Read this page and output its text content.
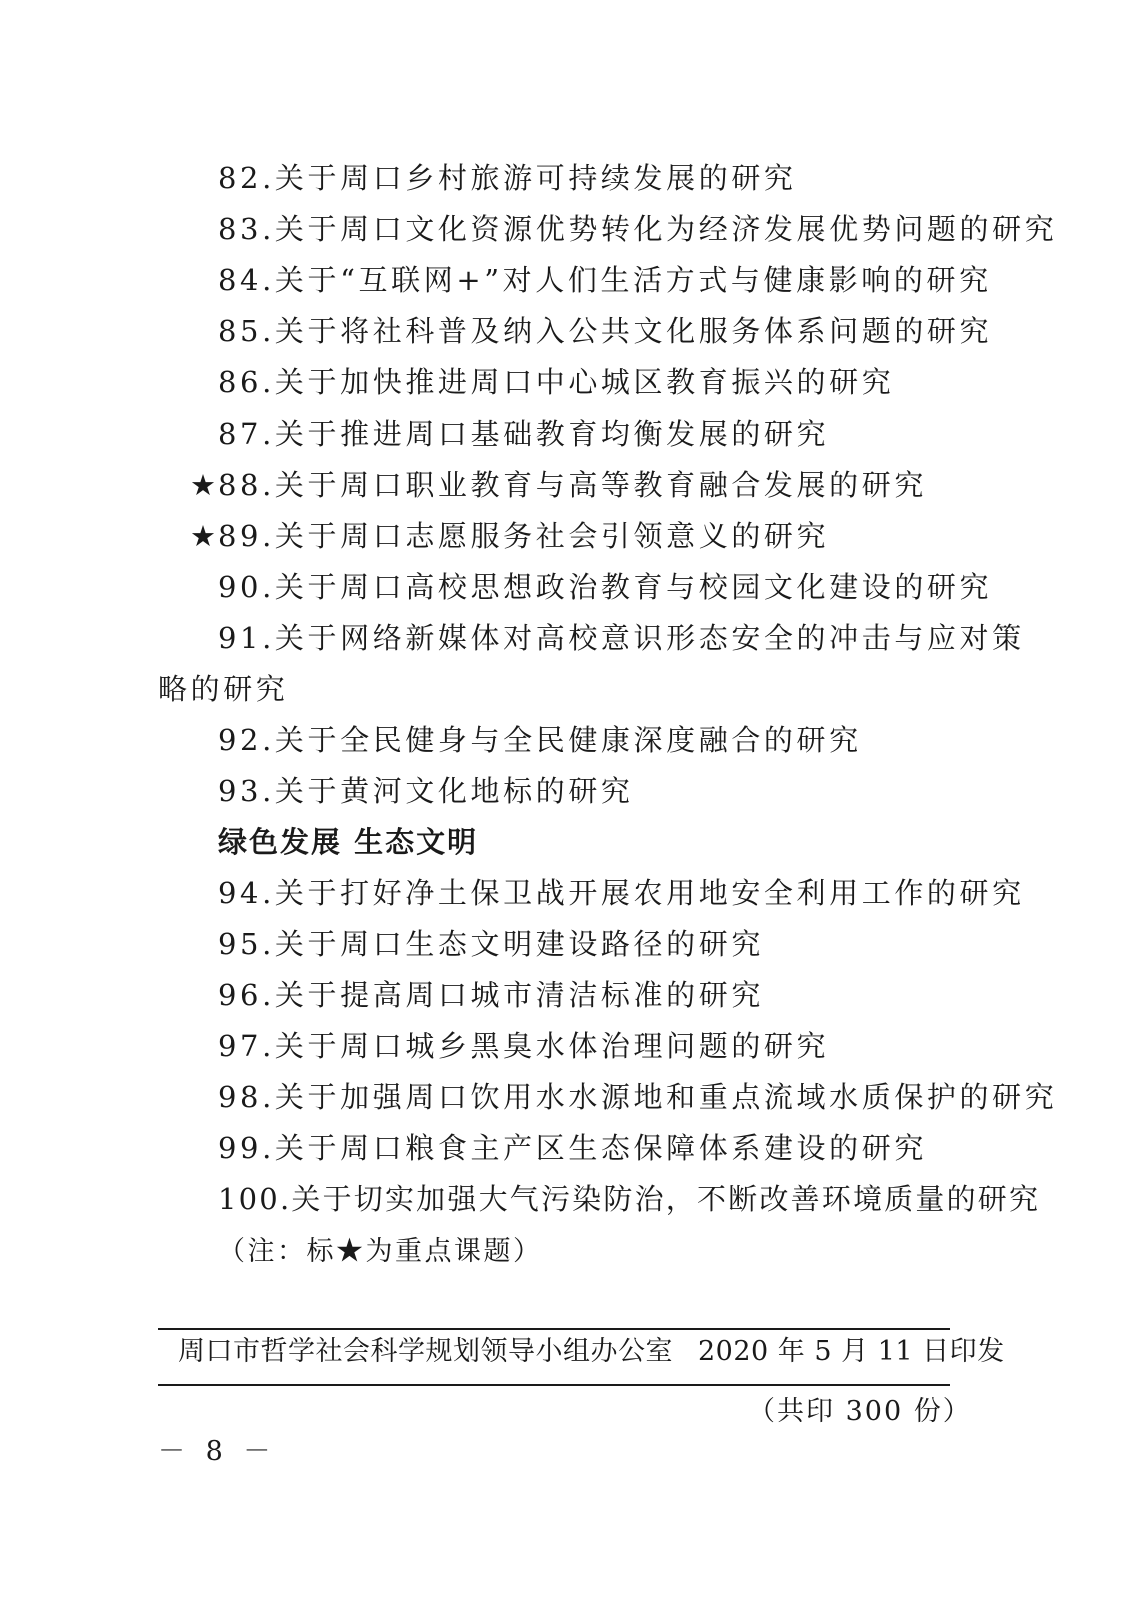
82.关于周口乡村旅游可持续发展的研究
83.关于周口文化资源优势转化为经济发展优势问题的研究
84.关于“互联网+”对人们生活方式与健康影响的研究
85.关于将社科普及纳入公共文化服务体系问题的研究
86.关于加快推进周口中心城区教育振兴的研究
87.关于推进周口基础教育均衡发展的研究
★ 88.关于周口职业教育与高等教育融合发展的研究
★ 89.关于周口志愿服务社会引领意义的研究
90.关于周口高校思想政治教育与校园文化建设的研究
91.关于网络新媒体对高校意识形态安全的冲击与应对策
略的研究
92.关于全民健身与全民健康深度融合的研究
93.关于黄河文化地标的研究
绿色发展 生态文明
94.关于打好净土保卫战开展农用地安全利用工作的研究
95.关于周口生态文明建设路径的研究
96.关于提高周口城市清洁标准的研究
97.关于周口城乡黑臭水体治理问题的研究
98.关于加强周口饮用水水源地和重点流域水质保护的研究
99.关于周口粮食主产区生态保障体系建设的研究
100.关于切实加强大气污染防治，不断改善环境质量的研究
（注：标★为重点课题）
周口市哲学社会科学规划领导小组办公室 2020 年 5 月 11 日印发
（共印 300 份）
－ 8 －
